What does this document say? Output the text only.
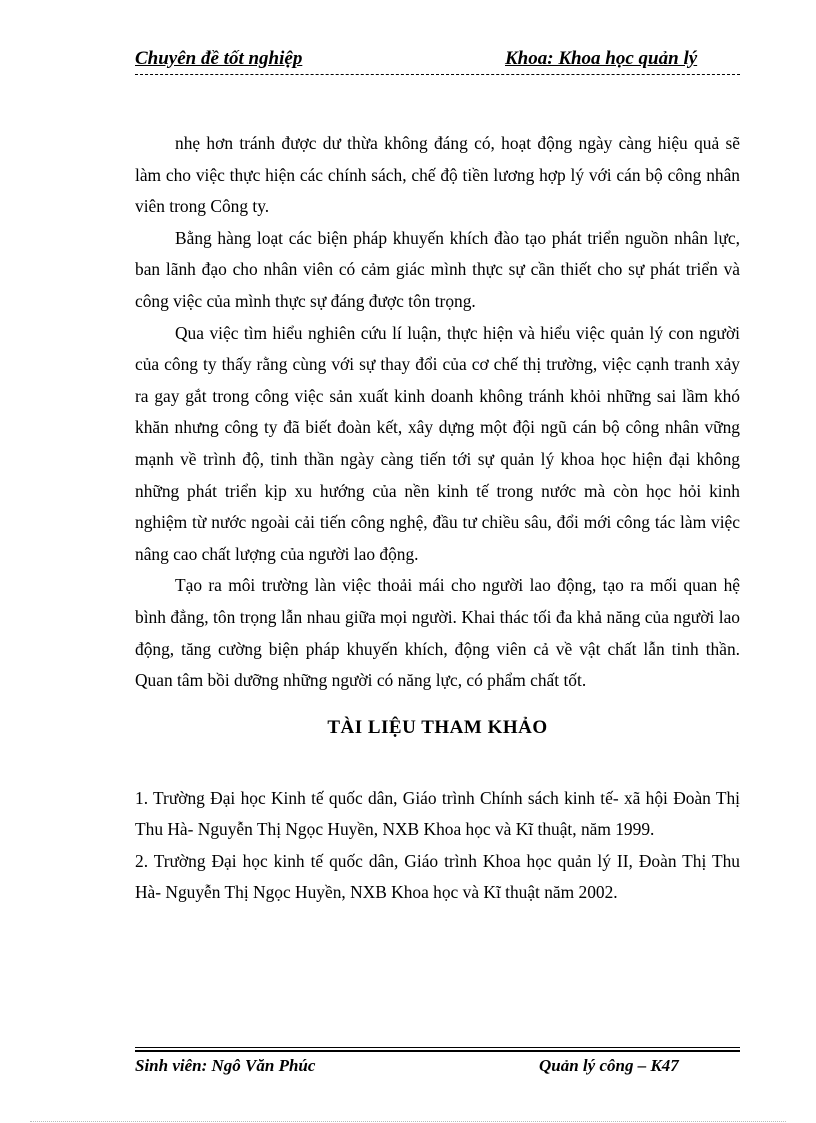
Chuyên đề tốt nghiệp	Khoa: Khoa học quản lý

nhẹ hơn tránh được dư thừa không đáng có, hoạt động ngày càng hiệu quả sẽ làm cho việc thực hiện các chính sách, chế độ tiền lương hợp lý với cán bộ công nhân viên trong Công ty.

Bằng hàng loạt các biện pháp khuyến khích đào tạo phát triển nguồn nhân lực, ban lãnh đạo cho nhân viên có cảm giác mình thực sự cần thiết cho sự phát triển và công việc của mình thực sự đáng được tôn trọng.

Qua việc tìm hiểu nghiên cứu lí luận, thực hiện và hiểu việc quản lý con người của công ty thấy rằng cùng với sự thay đổi của cơ chế thị trường, việc cạnh tranh xảy ra gay gắt trong công việc sản xuất kinh doanh không tránh khỏi những sai lầm khó khăn nhưng công ty đã biết đoàn kết, xây dựng một đội ngũ cán bộ công nhân vững mạnh về trình độ, tinh thần ngày càng tiến tới sự quản lý khoa học hiện đại không những phát triển kịp xu hướng của nền kinh tế trong nước mà còn học hỏi kinh nghiệm từ nước ngoài cải tiến công nghệ, đầu tư chiều sâu, đổi mới công tác làm việc nâng cao chất lượng của người lao động.

Tạo ra môi trường làn việc thoải mái cho người lao động, tạo ra mối quan hệ bình đẳng, tôn trọng lẫn nhau giữa mọi người. Khai thác tối đa khả năng của người lao động, tăng cường biện pháp khuyến khích, động viên cả về vật chất lẫn tinh thần. Quan tâm bồi dưỡng những người có năng lực, có phẩm chất tốt.

TÀI LIỆU THAM KHẢO

1. Trường Đại học Kinh tế quốc dân, Giáo trình Chính sách kinh tế- xã hội Đoàn Thị Thu Hà- Nguyễn Thị Ngọc Huyền, NXB Khoa học và Kĩ thuật, năm 1999.

2. Trường Đại học kinh tế quốc dân, Giáo trình Khoa học quản lý II, Đoàn Thị Thu Hà- Nguyễn Thị Ngọc Huyền, NXB Khoa học và Kĩ thuật năm 2002.

Sinh viên: Ngô Văn Phúc	Quản lý công – K47
